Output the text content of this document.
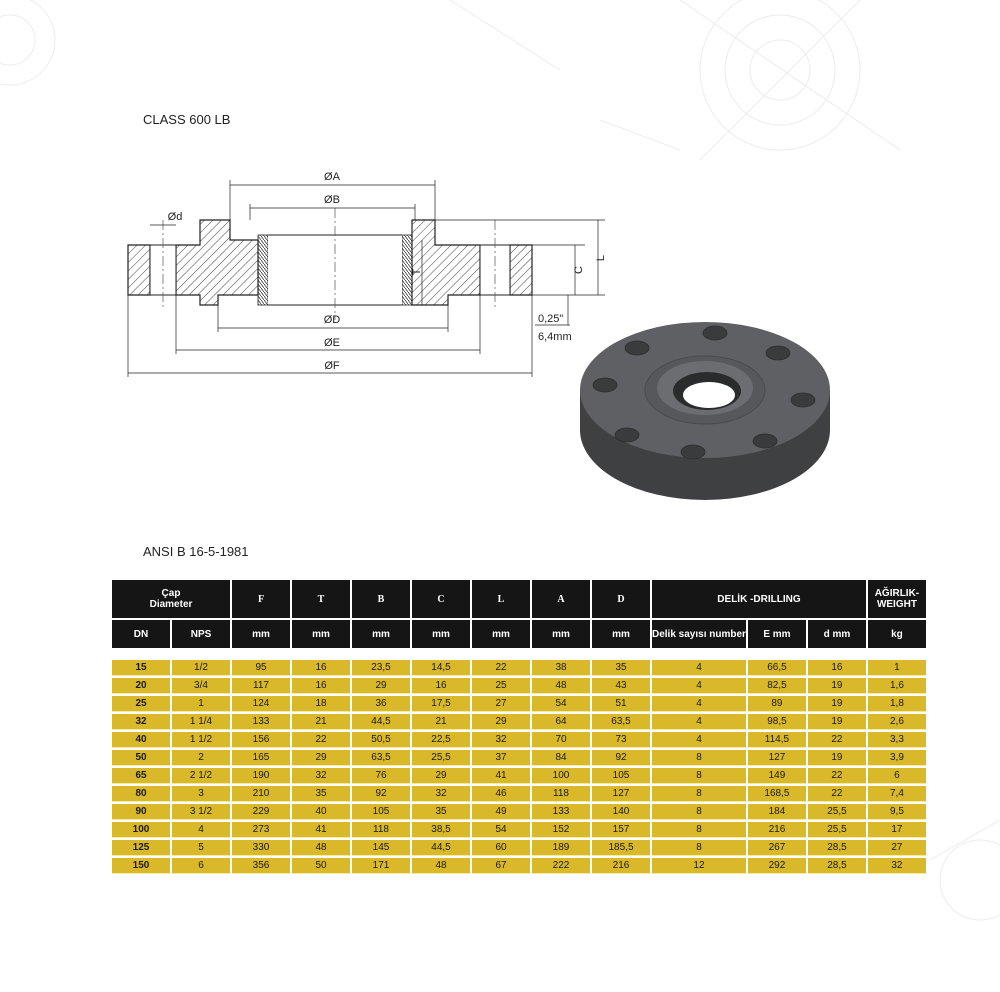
CLASS 600 LB
ØA
ØB
Ød
ØD
ØE
ØF
T	C
L
0,25"
6,4mm
ANSI B 16-5-1981
Çap
Diameter		F	T	B	C	L	A	D	DELİK -DRILLING			AĞIRLIK-
WEIGHT
DN	NPS	mm	mm	mm	mm	mm	mm	mm	Delik sayısı number	E mm	d mm	kg

15	1/2	95	16	23,5	14,5	22	38	35	4	66,5	16	1
20	3/4	117	16	29	16	25	48	43	4	82,5	19	1,6
25	1	124	18	36	17,5	27	54	51	4	89	19	1,8
32	1 1/4	133	21	44,5	21	29	64	63,5	4	98,5	19	2,6
40	1 1/2	156	22	50,5	22,5	32	70	73	4	114,5	22	3,3
50	2	165	29	63,5	25,5	37	84	92	8	127	19	3,9
65	2 1/2	190	32	76	29	41	100	105	8	149	22	6
80	3	210	35	92	32	46	118	127	8	168,5	22	7,4
90	3 1/2	229	40	105	35	49	133	140	8	184	25,5	9,5
100	4	273	41	118	38,5	54	152	157	8	216	25,5	17
125	5	330	48	145	44,5	60	189	185,5	8	267	28,5	27
150	6	356	50	171	48	67	222	216	12	292	28,5	32
